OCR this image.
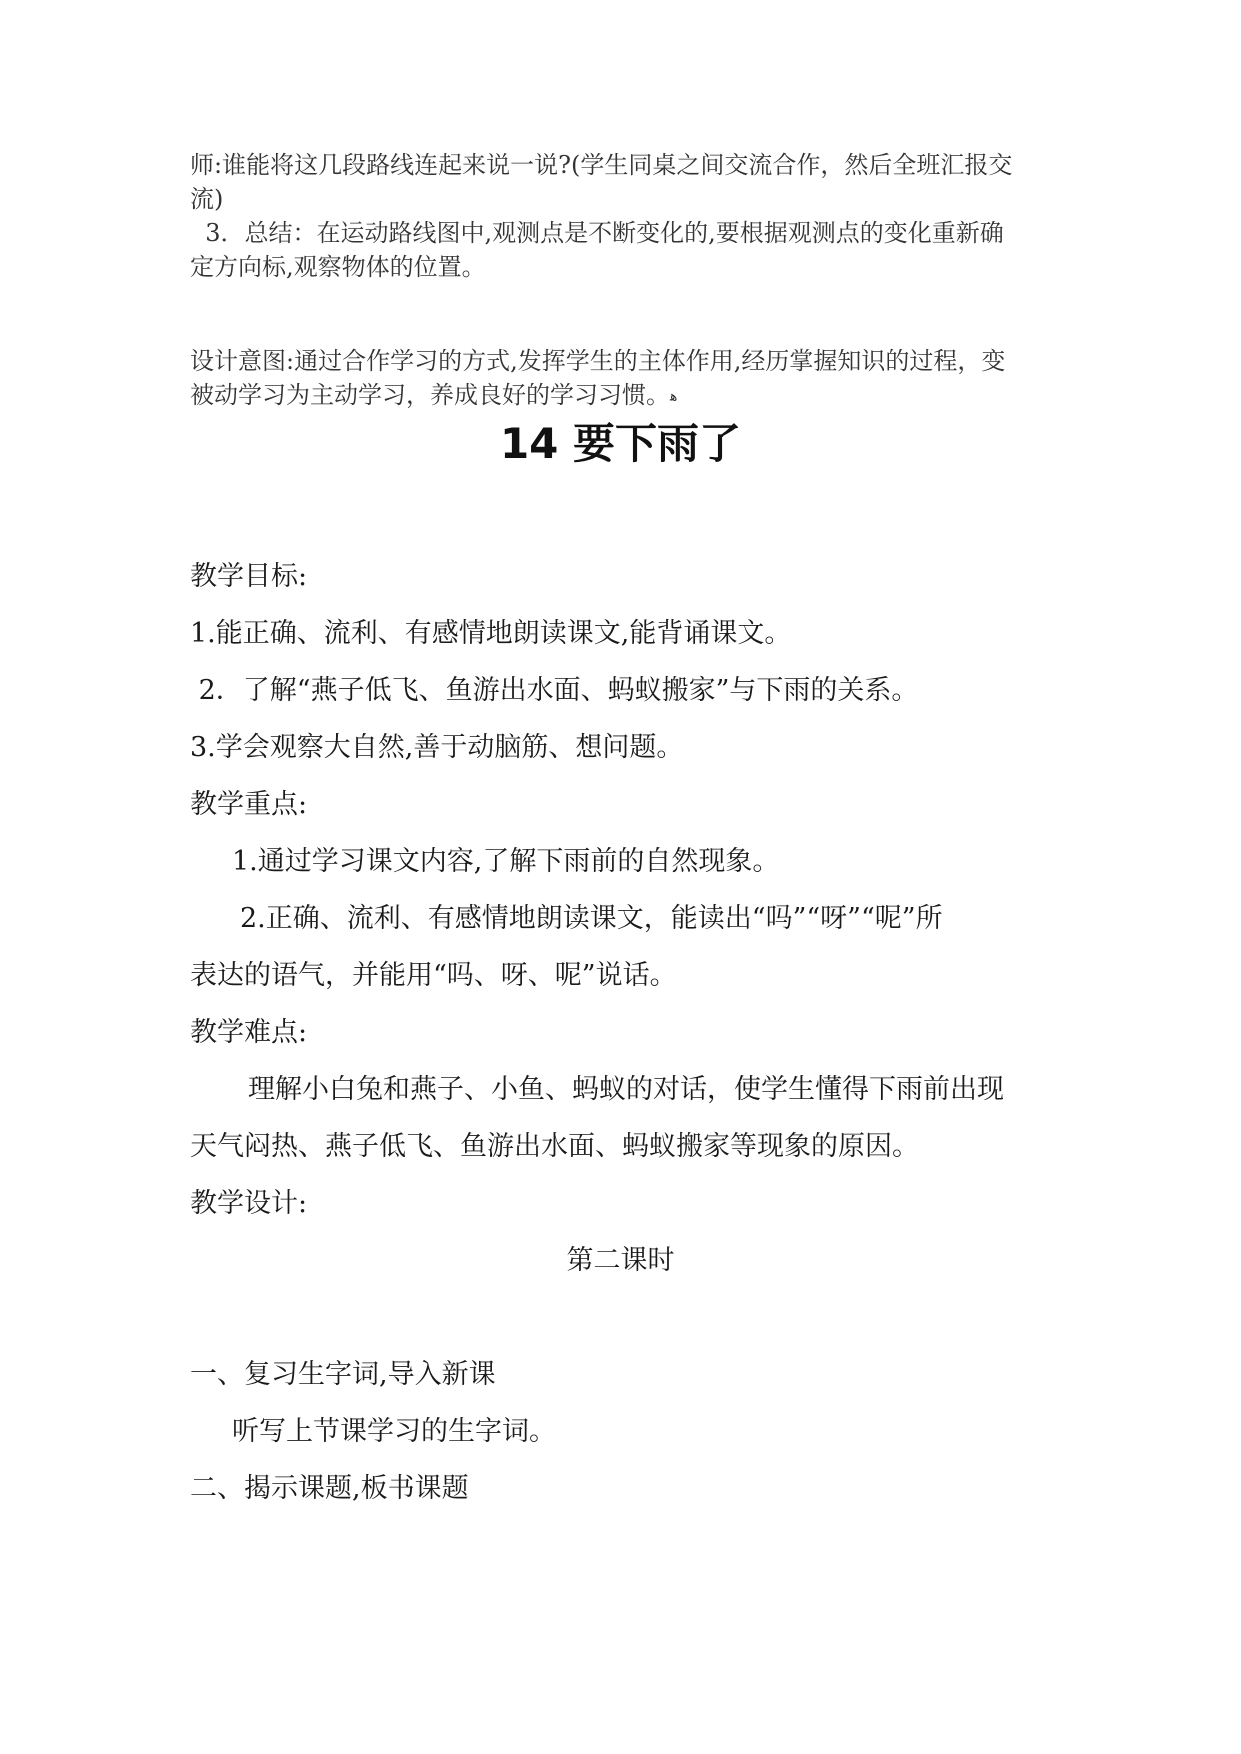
师:谁能将这几段路线连起来说一说?(学生同桌之间交流合作，然后全班汇报交
流)

3．总结：在运动路线图中,观测点是不断变化的,要根据观测点的变化重新确
定方向标,观察物体的位置。

设计意图:通过合作学习的方式,发挥学生的主体作用,经历掌握知识的过程，变
被动学习为主动学习，养成良好的学习习惯。ﻫ

14 要下雨了
教学目标:
1.能正确、流利、有感情地朗读课文,能背诵课文。
2．了解“燕子低飞、鱼游出水面、蚂蚁搬家”与下雨的关系。
3.学会观察大自然,善于动脑筋、想问题。
教学重点:
1.通过学习课文内容,了解下雨前的自然现象。
2.正确、流利、有感情地朗读课文，能读出“吗”“呀”“呢”所
表达的语气，并能用“吗、呀、呢”说话。
教学难点:
理解小白兔和燕子、小鱼、蚂蚁的对话，使学生懂得下雨前出现
天气闷热、燕子低飞、鱼游出水面、蚂蚁搬家等现象的原因。
教学设计:
第二课时
一、复习生字词,导入新课
听写上节课学习的生字词。
二、揭示课题,板书课题
